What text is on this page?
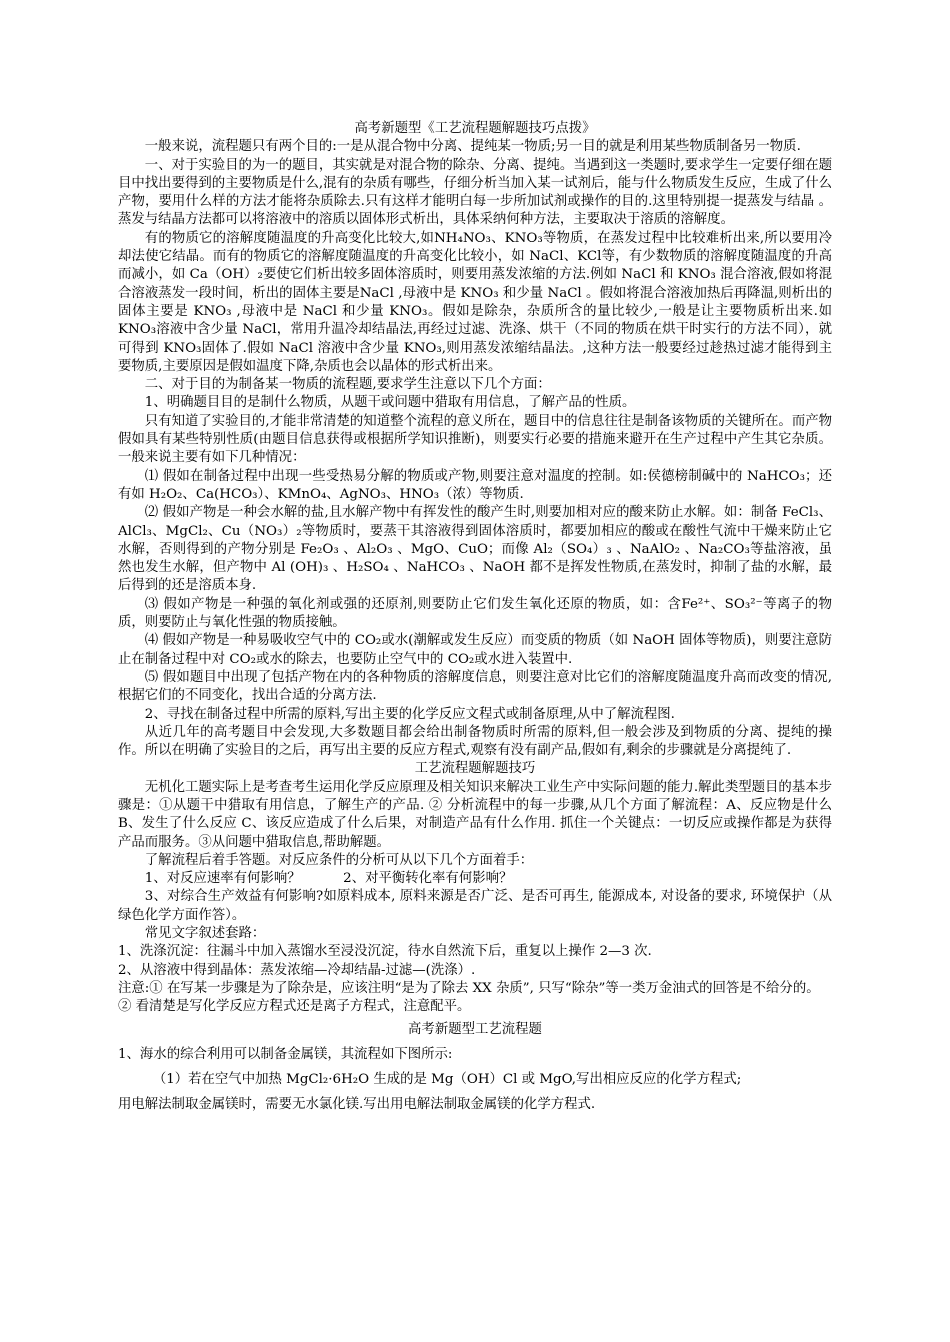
高考新题型《工艺流程题解题技巧点拨》

一般来说，流程题只有两个目的:一是从混合物中分离、提纯某一物质;另一目的就是利用某些物质制备另一物质.

一、对于实验目的为一的题目，其实就是对混合物的除杂、分离、提纯。当遇到这一类题时,要求学生一定要仔细在题目中找出要得到的主要物质是什么,混有的杂质有哪些，仔细分析当加入某一试剂后，能与什么物质发生反应，生成了什么产物，要用什么样的方法才能将杂质除去.只有这样才能明白每一步所加试剂或操作的目的.这里特别提一提蒸发与结晶 。蒸发与结晶方法都可以将溶液中的溶质以固体形式析出，具体采纳何种方法，主要取决于溶质的溶解度。

有的物质它的溶解度随温度的升高变化比较大,如NH₄NO₃、KNO₃等物质，在蒸发过程中比较难析出来,所以要用冷却法使它结晶。而有的物质它的溶解度随温度的升高变化比较小，如 NaCl、KCl等，有少数物质的溶解度随温度的升高而减小，如 Ca（OH）₂要使它们析出较多固体溶质时，则要用蒸发浓缩的方法.例如 NaCl 和 KNO₃ 混合溶液,假如将混合溶液蒸发一段时间，析出的固体主要是NaCl ,母液中是 KNO₃ 和少量 NaCl 。假如将混合溶液加热后再降温,则析出的固体主要是 KNO₃ ,母液中是 NaCl 和少量 KNO₃。假如是除杂，杂质所含的量比较少,一般是让主要物质析出来.如 KNO₃溶液中含少量 NaCl，常用升温冷却结晶法,再经过过滤、洗涤、烘干（不同的物质在烘干时实行的方法不同），就可得到 KNO₃固体了.假如 NaCl 溶液中含少量 KNO₃,则用蒸发浓缩结晶法。,这种方法一般要经过趁热过滤才能得到主要物质,主要原因是假如温度下降,杂质也会以晶体的形式析出来。

二、对于目的为制备某一物质的流程题,要求学生注意以下几个方面：

1、明确题目目的是制什么物质，从题干或问题中猎取有用信息，了解产品的性质。

只有知道了实验目的,才能非常清楚的知道整个流程的意义所在，题目中的信息往往是制备该物质的关键所在。而产物假如具有某些特别性质(由题目信息获得或根据所学知识推断)，则要实行必要的措施来避开在生产过程中产生其它杂质。一般来说主要有如下几种情况：

⑴ 假如在制备过程中出现一些受热易分解的物质或产物,则要注意对温度的控制。如:侯德榜制碱中的 NaHCO₃；还有如 H₂O₂、Ca(HCO₃）、KMnO₄、AgNO₃、HNO₃（浓）等物质.

⑵ 假如产物是一种会水解的盐,且水解产物中有挥发性的酸产生时,则要加相对应的酸来防止水解。如：制备 FeCl₃、AlCl₃、MgCl₂、Cu（NO₃）₂等物质时，要蒸干其溶液得到固体溶质时，都要加相应的酸或在酸性气流中干燥来防止它水解，否则得到的产物分别是 Fe₂O₃ 、Al₂O₃ 、MgO、CuO；而像 Al₂（SO₄）₃ 、NaAlO₂ 、Na₂CO₃等盐溶液，虽然也发生水解，但产物中 Al (OH)₃ 、H₂SO₄ 、NaHCO₃ 、NaOH 都不是挥发性物质,在蒸发时，抑制了盐的水解，最后得到的还是溶质本身.

⑶ 假如产物是一种强的氧化剂或强的还原剂,则要防止它们发生氧化还原的物质，如：含Fe²⁺、SO₃²⁻等离子的物质，则要防止与氧化性强的物质接触。

⑷ 假如产物是一种易吸收空气中的 CO₂或水(潮解或发生反应）而变质的物质（如 NaOH 固体等物质)，则要注意防止在制备过程中对 CO₂或水的除去，也要防止空气中的 CO₂或水进入装置中.

⑸ 假如题目中出现了包括产物在内的各种物质的溶解度信息，则要注意对比它们的溶解度随温度升高而改变的情况,根据它们的不同变化，找出合适的分离方法.

2、寻找在制备过程中所需的原料,写出主要的化学反应文程式或制备原理,从中了解流程图.

从近几年的高考题目中会发现,大多数题目都会给出制备物质时所需的原料,但一般会涉及到物质的分离、提纯的操作。所以在明确了实验目的之后，再写出主要的反应方程式,观察有没有副产品,假如有,剩余的步骤就是分离提纯了.

工艺流程题解题技巧

无机化工题实际上是考查考生运用化学反应原理及相关知识来解决工业生产中实际问题的能力.解此类型题目的基本步骤是：①从题干中猎取有用信息，了解生产的产品. ② 分析流程中的每一步骤,从几个方面了解流程：A、反应物是什么 B、发生了什么反应 C、该反应造成了什么后果，对制造产品有什么作用. 抓住一个关键点：一切反应或操作都是为获得产品而服务。③从问题中猎取信息,帮助解题。

了解流程后着手答题。对反应条件的分析可从以下几个方面着手：

1、对反应速率有何影响？          2、对平衡转化率有何影响？

3、对综合生产效益有何影响?如原料成本, 原料来源是否广泛、是否可再生, 能源成本, 对设备的要求, 环境保护（从绿色化学方面作答）。

常见文字叙述套路：

1、洗涤沉淀：往漏斗中加入蒸馏水至浸没沉淀，待水自然流下后，重复以上操作 2—3 次.

2、从溶液中得到晶体：蒸发浓缩—冷却结晶-过滤—(洗涤）.

注意:① 在写某一步骤是为了除杂是，应该注明“是为了除去 XX 杂质”, 只写“除杂”等一类万金油式的回答是不给分的。

② 看清楚是写化学反应方程式还是离子方程式，注意配平。

高考新题型工艺流程题

1、海水的综合利用可以制备金属镁，其流程如下图所示:

（1）若在空气中加热 MgCl₂·6H₂O 生成的是 Mg（OH）Cl 或 MgO,写出相应反应的化学方程式;

用电解法制取金属镁时，需要无水氯化镁.写出用电解法制取金属镁的化学方程式.
